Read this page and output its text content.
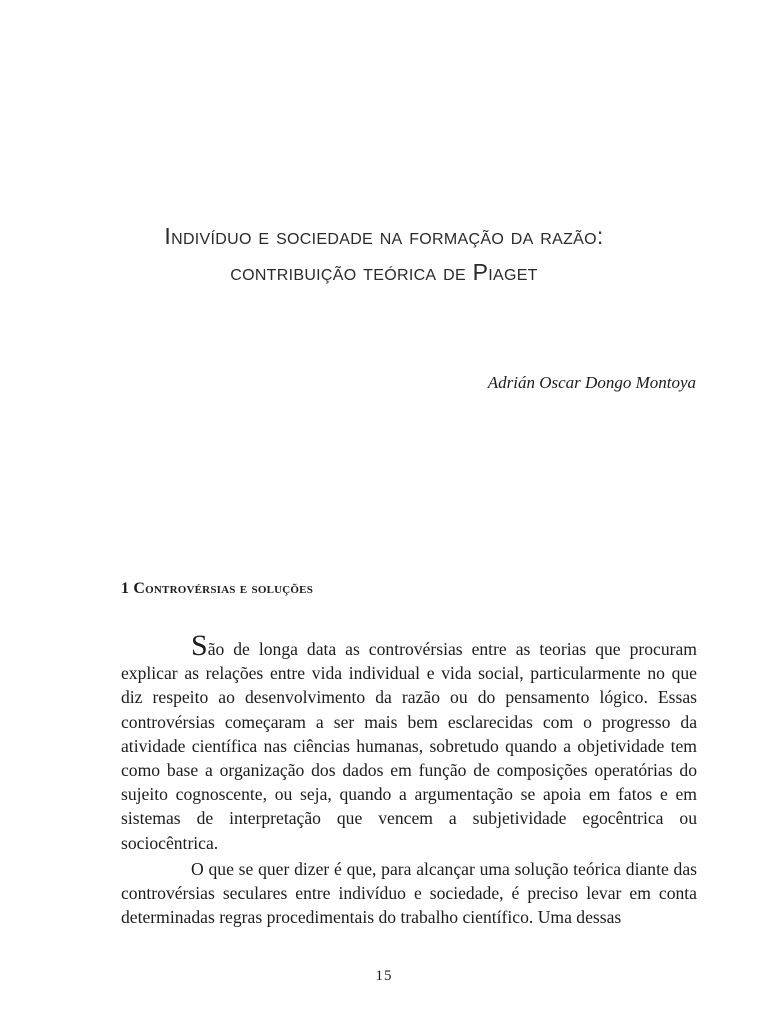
Indivíduo e sociedade na formação da razão:
contribuição teórica de Piaget
Adrián Oscar Dongo Montoya
1 Controvérsias e soluções

São de longa data as controvérsias entre as teorias que procuram explicar as relações entre vida individual e vida social, particularmente no que diz respeito ao desenvolvimento da razão ou do pensamento lógico. Essas controvérsias começaram a ser mais bem esclarecidas com o progresso da atividade científica nas ciências humanas, sobretudo quando a objetividade tem como base a organização dos dados em função de composições operatórias do sujeito cognoscente, ou seja, quando a argumentação se apoia em fatos e em sistemas de interpretação que vencem a subjetividade egocêntrica ou sociocêntrica.

O que se quer dizer é que, para alcançar uma solução teórica diante das controvérsias seculares entre indivíduo e sociedade, é preciso levar em conta determinadas regras procedimentais do trabalho científico. Uma dessas

15
